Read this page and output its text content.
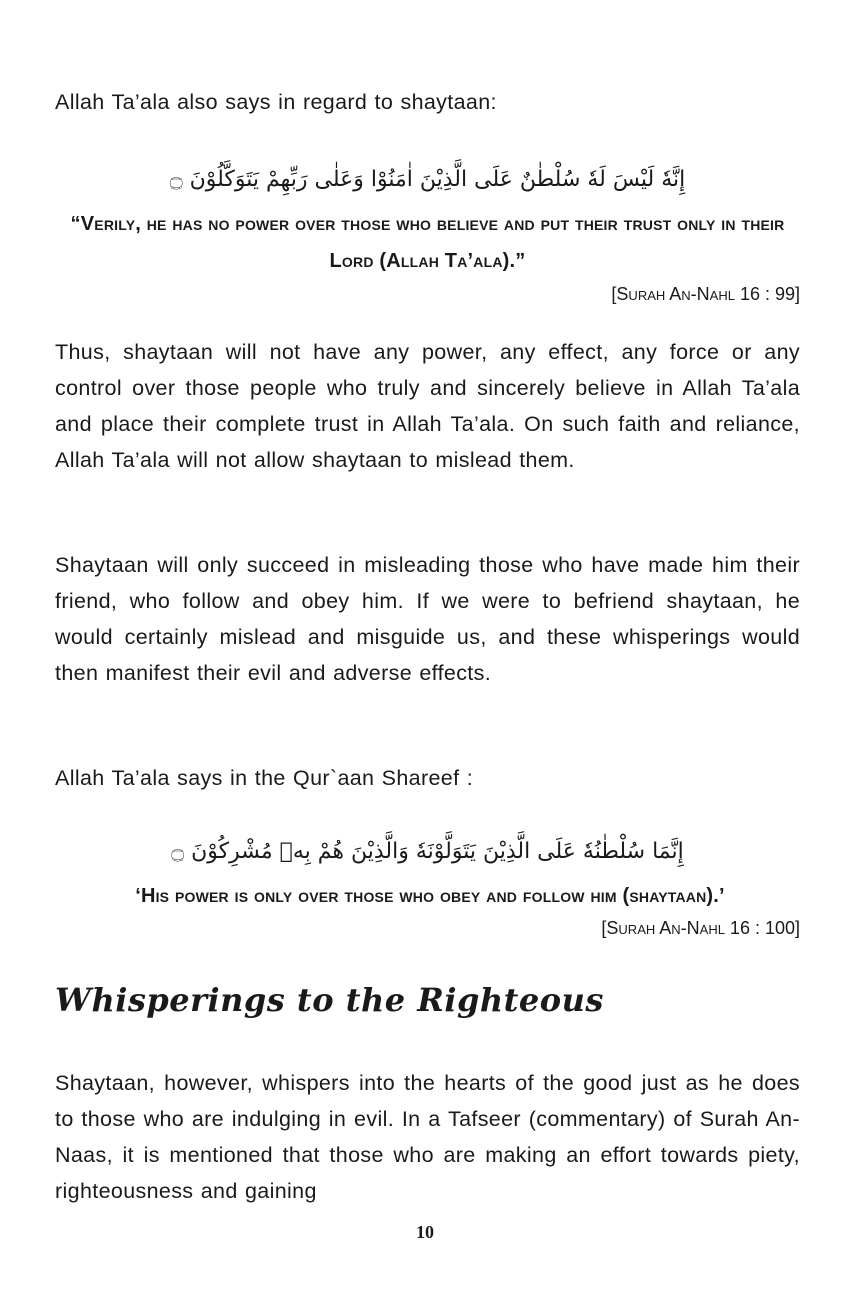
Allah Ta’ala also says in regard to shaytaan:

إِنَّهٗ لَيْسَ لَهٗ سُلْطٰنٌ عَلَى الَّذِيْنَ اٰمَنُوْا وَعَلٰى رَبِّهِمْ يَتَوَكَّلُوْنَ ۝

“Verily, he has no power over those who believe and put their trust only in their Lord (Allah Ta’ala).”

[Surah An-Nahl 16 : 99]

Thus, shaytaan will not have any power, any effect, any force or any control over those people who truly and sincerely believe in Allah Ta’ala and place their complete trust in Allah Ta’ala. On such faith and reliance, Allah Ta’ala will not allow shaytaan to mislead them.

Shaytaan will only succeed in misleading those who have made him their friend, who follow and obey him. If we were to befriend shaytaan, he would certainly mislead and misguide us, and these whisperings would then manifest their evil and adverse effects.

Allah Ta’ala says in the Qur`aan Shareef :

إِنَّمَا سُلْطٰنُهٗ عَلَى الَّذِيْنَ يَتَوَلَّوْنَهٗ وَالَّذِيْنَ هُمْ بِهٖ مُشْرِكُوْنَ ۝

‘His power is only over those who obey and follow him (shaytaan).’

[Surah An-Nahl 16 : 100]

Whisperings to the Righteous

Shaytaan, however, whispers into the hearts of the good just as he does to those who are indulging in evil. In a Tafseer (commentary) of Surah An-Naas, it is mentioned that those who are making an effort towards piety, righteousness and gaining

10
